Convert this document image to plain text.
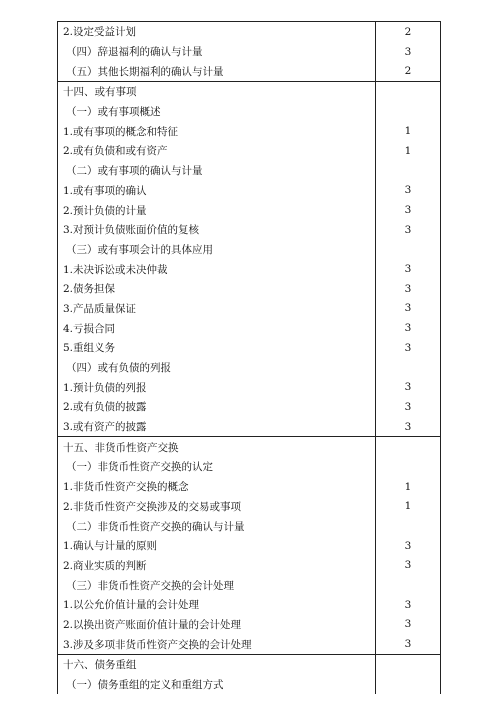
2.设定受益计划	2
（四）辞退福利的确认与计量	3
（五）其他长期福利的确认与计量	2
十四、或有事项
（一）或有事项概述
1.或有事项的概念和特征	1
2.或有负债和或有资产	1
（二）或有事项的确认与计量
1.或有事项的确认	3
2.预计负债的计量	3
3.对预计负债账面价值的复核	3
（三）或有事项会计的具体应用
1.未决诉讼或未决仲裁	3
2.债务担保	3
3.产品质量保证	3
4.亏损合同	3
5.重组义务	3
（四）或有负债的列报
1.预计负债的列报	3
2.或有负债的披露	3
3.或有资产的披露	3
十五、非货币性资产交换
（一）非货币性资产交换的认定
1.非货币性资产交换的概念	1
2.非货币性资产交换涉及的交易或事项	1
（二）非货币性资产交换的确认与计量
1.确认与计量的原则	3
2.商业实质的判断	3
（三）非货币性资产交换的会计处理
1.以公允价值计量的会计处理	3
2.以换出资产账面价值计量的会计处理	3
3.涉及多项非货币性资产交换的会计处理	3
十六、债务重组
（一）债务重组的定义和重组方式
